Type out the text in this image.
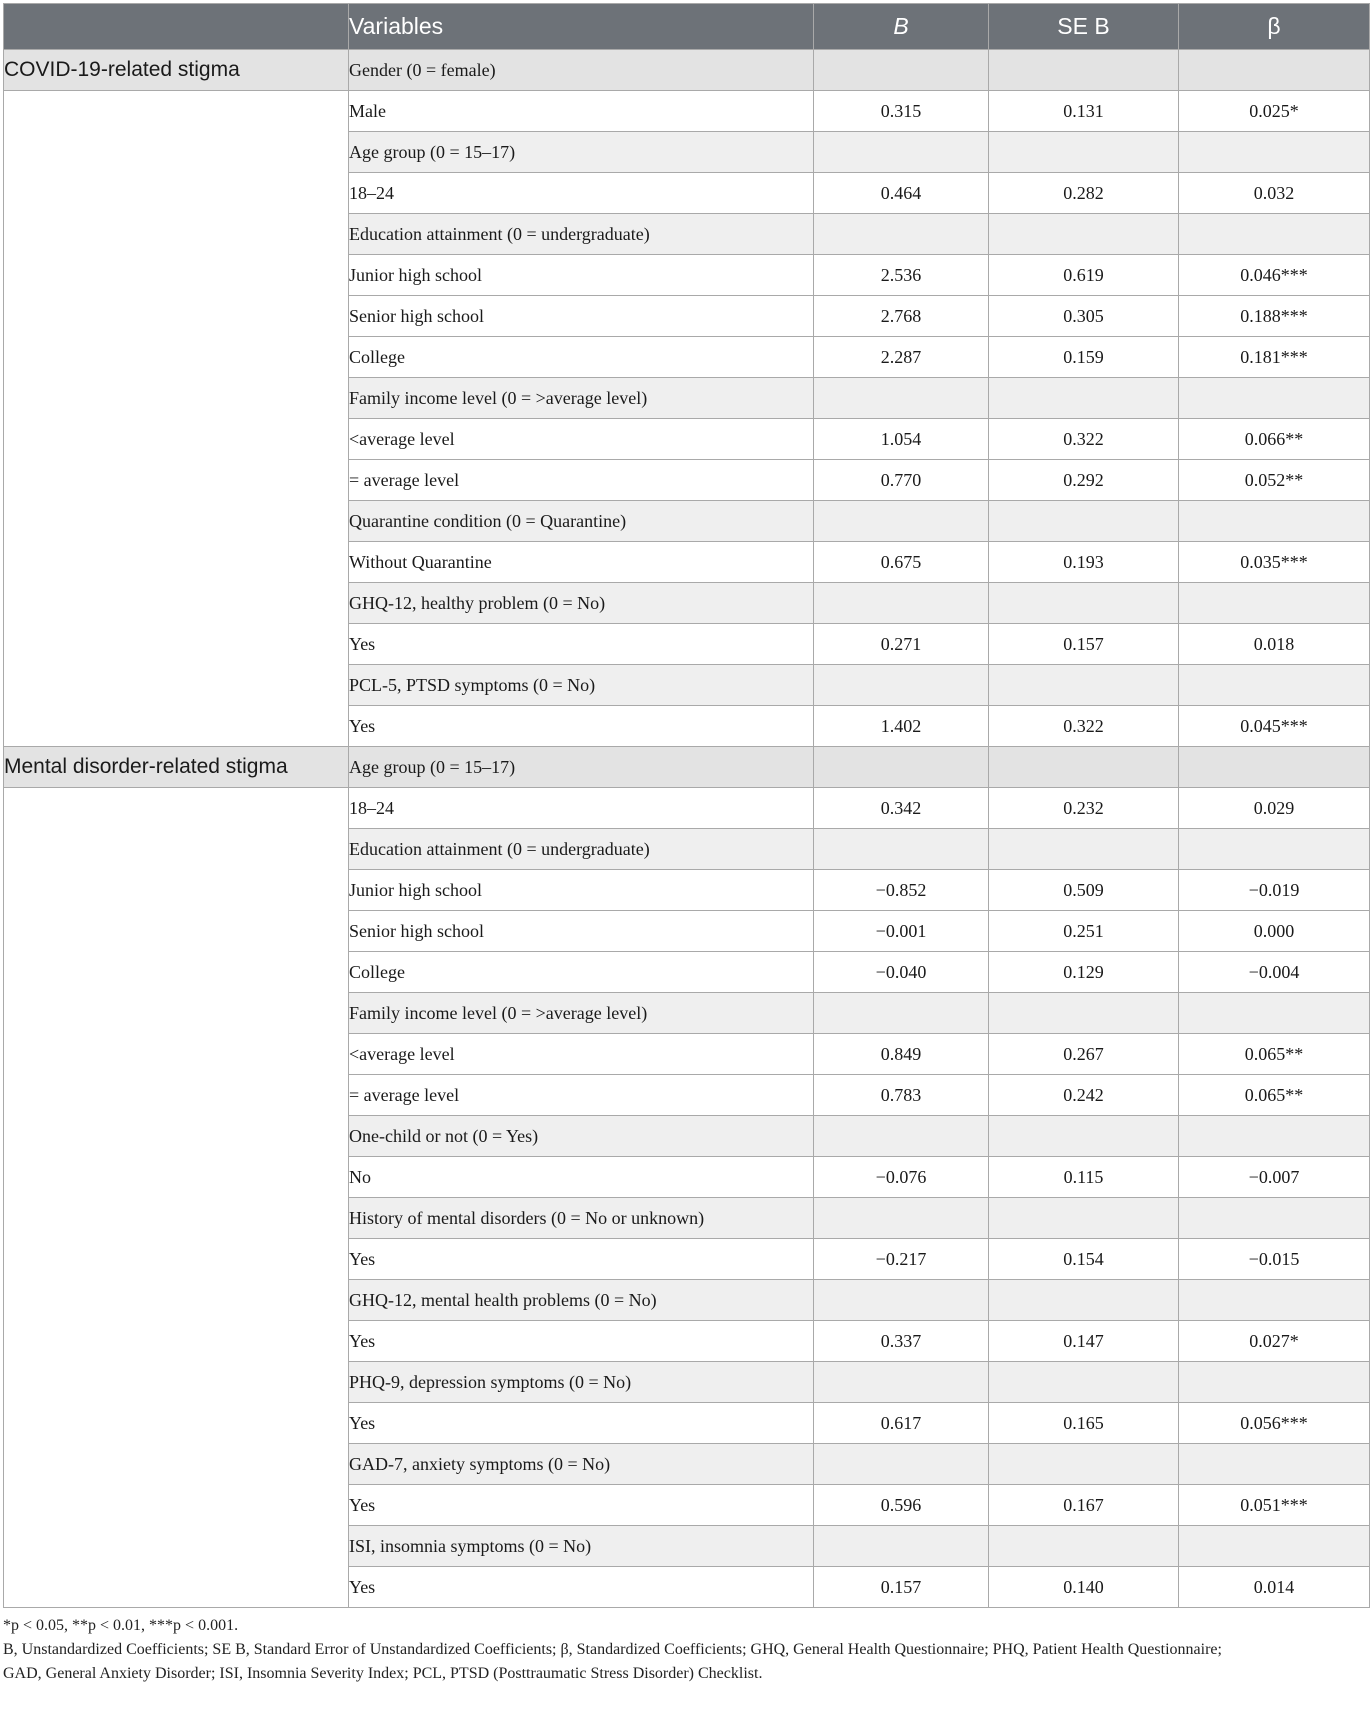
	Variables	B	SE B	β
COVID-19-related stigma	Gender (0 = female)			
	Male	0.315	0.131	0.025*
	Age group (0 = 15–17)			
	18–24	0.464	0.282	0.032
	Education attainment (0 = undergraduate)			
	Junior high school	2.536	0.619	0.046***
	Senior high school	2.768	0.305	0.188***
	College	2.287	0.159	0.181***
	Family income level (0 = >average level)			
	<average level	1.054	0.322	0.066**
	= average level	0.770	0.292	0.052**
	Quarantine condition (0 = Quarantine)			
	Without Quarantine	0.675	0.193	0.035***
	GHQ-12, healthy problem (0 = No)			
	Yes	0.271	0.157	0.018
	PCL-5, PTSD symptoms (0 = No)			
	Yes	1.402	0.322	0.045***
Mental disorder-related stigma	Age group (0 = 15–17)			
	18–24	0.342	0.232	0.029
	Education attainment (0 = undergraduate)			
	Junior high school	−0.852	0.509	−0.019
	Senior high school	−0.001	0.251	0.000
	College	−0.040	0.129	−0.004
	Family income level (0 = >average level)			
	<average level	0.849	0.267	0.065**
	= average level	0.783	0.242	0.065**
	One-child or not (0 = Yes)			
	No	−0.076	0.115	−0.007
	History of mental disorders (0 = No or unknown)			
	Yes	−0.217	0.154	−0.015
	GHQ-12, mental health problems (0 = No)			
	Yes	0.337	0.147	0.027*
	PHQ-9, depression symptoms (0 = No)			
	Yes	0.617	0.165	0.056***
	GAD-7, anxiety symptoms (0 = No)			
	Yes	0.596	0.167	0.051***
	ISI, insomnia symptoms (0 = No)			
	Yes	0.157	0.140	0.014

*p < 0.05, **p < 0.01, ***p < 0.001.

B, Unstandardized Coefficients; SE B, Standard Error of Unstandardized Coefficients; β, Standardized Coefficients; GHQ, General Health Questionnaire; PHQ, Patient Health Questionnaire;

GAD, General Anxiety Disorder; ISI, Insomnia Severity Index; PCL, PTSD (Posttraumatic Stress Disorder) Checklist.
